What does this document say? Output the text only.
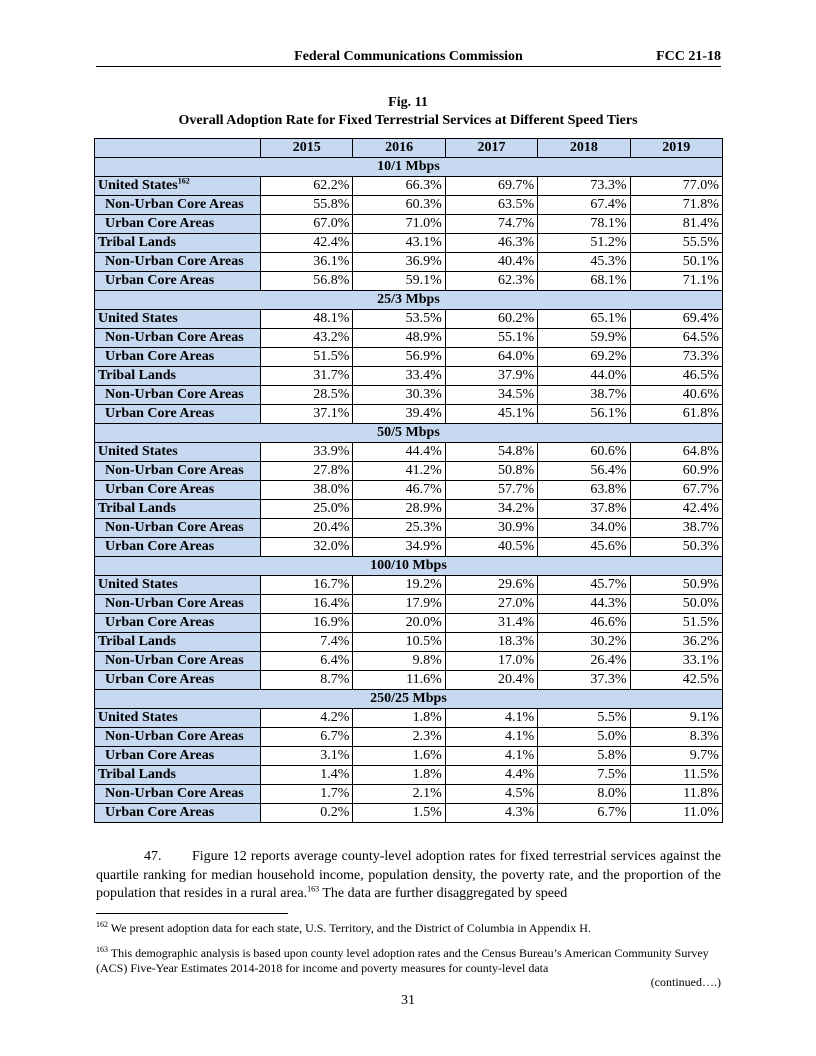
Federal Communications Commission	FCC 21-18
Fig. 11
Overall Adoption Rate for Fixed Terrestrial Services at Different Speed Tiers
	2015	2016	2017	2018	2019
10/1 Mbps					
United States$^{162}$	62.2%	66.3%	69.7%	73.3%	77.0%
Non-Urban Core Areas	55.8%	60.3%	63.5%	67.4%	71.8%
Urban Core Areas	67.0%	71.0%	74.7%	78.1%	81.4%
Tribal Lands	42.4%	43.1%	46.3%	51.2%	55.5%
Non-Urban Core Areas	36.1%	36.9%	40.4%	45.3%	50.1%
Urban Core Areas	56.8%	59.1%	62.3%	68.1%	71.1%
25/3 Mbps					
United States	48.1%	53.5%	60.2%	65.1%	69.4%
Non-Urban Core Areas	43.2%	48.9%	55.1%	59.9%	64.5%
Urban Core Areas	51.5%	56.9%	64.0%	69.2%	73.3%
Tribal Lands	31.7%	33.4%	37.9%	44.0%	46.5%
Non-Urban Core Areas	28.5%	30.3%	34.5%	38.7%	40.6%
Urban Core Areas	37.1%	39.4%	45.1%	56.1%	61.8%
50/5 Mbps					
United States	33.9%	44.4%	54.8%	60.6%	64.8%
Non-Urban Core Areas	27.8%	41.2%	50.8%	56.4%	60.9%
Urban Core Areas	38.0%	46.7%	57.7%	63.8%	67.7%
Tribal Lands	25.0%	28.9%	34.2%	37.8%	42.4%
Non-Urban Core Areas	20.4%	25.3%	30.9%	34.0%	38.7%
Urban Core Areas	32.0%	34.9%	40.5%	45.6%	50.3%
100/10 Mbps					
United States	16.7%	19.2%	29.6%	45.7%	50.9%
Non-Urban Core Areas	16.4%	17.9%	27.0%	44.3%	50.0%
Urban Core Areas	16.9%	20.0%	31.4%	46.6%	51.5%
Tribal Lands	7.4%	10.5%	18.3%	30.2%	36.2%
Non-Urban Core Areas	6.4%	9.8%	17.0%	26.4%	33.1%
Urban Core Areas	8.7%	11.6%	20.4%	37.3%	42.5%
250/25 Mbps					
United States	4.2%	1.8%	4.1%	5.5%	9.1%
Non-Urban Core Areas	6.7%	2.3%	4.1%	5.0%	8.3%
Urban Core Areas	3.1%	1.6%	4.1%	5.8%	9.7%
Tribal Lands	1.4%	1.8%	4.4%	7.5%	11.5%
Non-Urban Core Areas	1.7%	2.1%	4.5%	8.0%	11.8%
Urban Core Areas	0.2%	1.5%	4.3%	6.7%	11.0%

47. Figure 12 reports average county-level adoption rates for fixed terrestrial services against the quartile ranking for median household income, population density, the poverty rate, and the proportion of the population that resides in a rural area.$^{163}$ The data are further disaggregated by speed

$^{162}$ We present adoption data for each state, U.S. Territory, and the District of Columbia in Appendix H.
$^{163}$ This demographic analysis is based upon county level adoption rates and the Census Bureau’s American Community Survey (ACS) Five-Year Estimates 2014-2018 for income and poverty measures for county-level data
(continued….)
31
